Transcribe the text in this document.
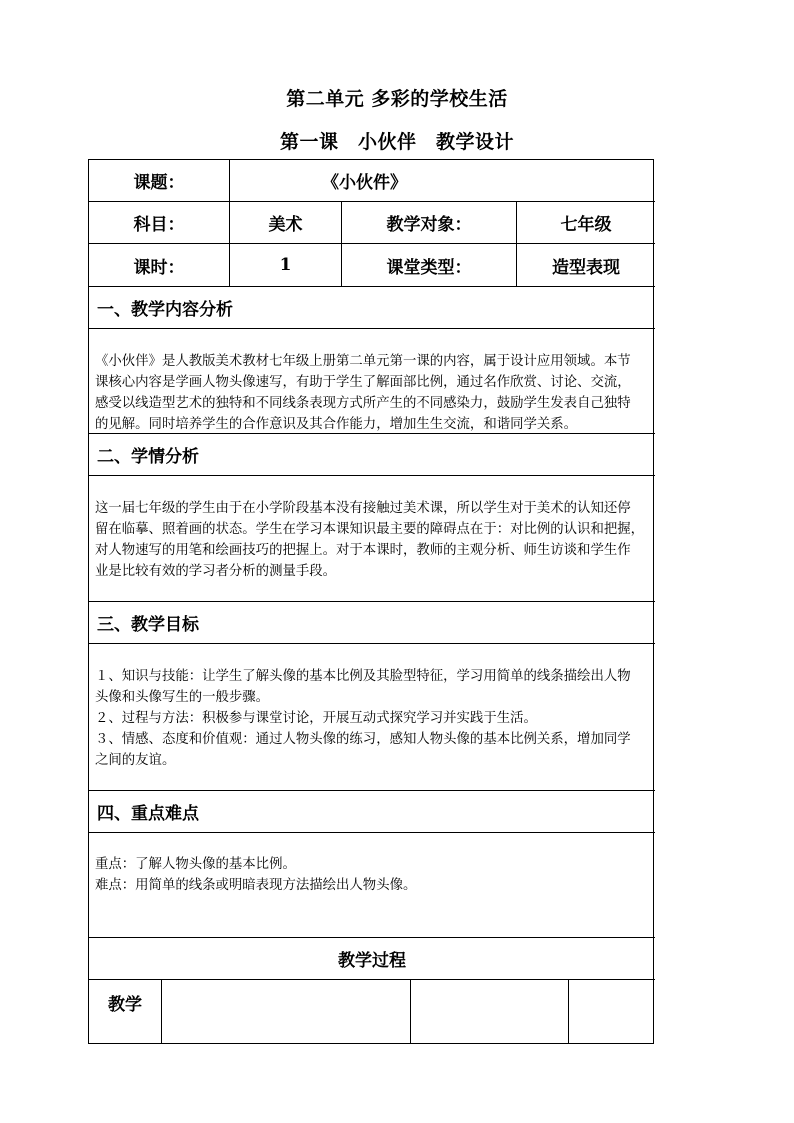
第二单元 多彩的学校生活
第一课　小伙伴　教学设计
课题：	《小伙件》
科目：	美术	教学对象：	七年级
课时：	1	课堂类型：	造型表现
一、教学内容分析

《小伙伴》是人教版美术教材七年级上册第二单元第一课的内容，属于设计应用领域。本节

课核心内容是学画人物头像速写，有助于学生了解面部比例，通过名作欣赏、讨论、交流，

感受以线造型艺术的独特和不同线条表现方式所产生的不同感染力，鼓励学生发表自己独特

的见解。同时培养学生的合作意识及其合作能力，增加生生交流，和谐同学关系。

二、学情分析

这一届七年级的学生由于在小学阶段基本没有接触过美术课，所以学生对于美术的认知还停

留在临摹、照着画的状态。学生在学习本课知识最主要的障碍点在于：对比例的认识和把握，

对人物速写的用笔和绘画技巧的把握上。对于本课时，教师的主观分析、师生访谈和学生作

业是比较有效的学习者分析的测量手段。

三、教学目标

１、知识与技能：让学生了解头像的基本比例及其脸型特征，学习用简单的线条描绘出人物

头像和头像写生的一般步骤。

２、过程与方法：积极参与课堂讨论，开展互动式探究学习并实践于生活。

３、情感、态度和价值观：通过人物头像的练习，感知人物头像的基本比例关系，增加同学

之间的友谊。

四、重点难点

重点：了解人物头像的基本比例。

难点：用简单的线条或明暗表现方法描绘出人物头像。

教学过程
教学
